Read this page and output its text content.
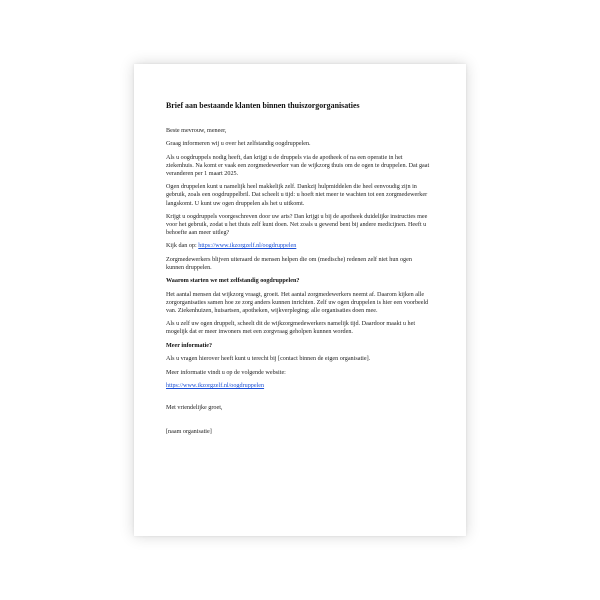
Brief aan bestaande klanten binnen thuiszorgorganisaties
Beste mevrouw, meneer,
Graag informeren wij u over het zelfstandig oogdruppelen.
Als u oogdruppels nodig heeft, dan krijgt u de druppels via de apotheek of na een operatie in het ziekenhuis. Na komt er vaak een zorgmedewerker van de wijkzorg thuis om de ogen te druppelen. Dat gaat veranderen per 1 maart 2025.
Ogen druppelen kunt u namelijk heel makkelijk zelf. Dankzij hulpmiddelen die heel eenvoudig zijn in gebruik, zoals een oogdruppelbril. Dat scheelt u tijd: u hoeft niet meer te wachten tot een zorgmedewerker langskomt. U kunt uw ogen druppelen als het u uitkomt.
Krijgt u oogdruppels voorgeschreven door uw arts? Dan krijgt u bij de apotheek duidelijke instructies mee voor het gebruik, zodat u het thuis zelf kunt doen. Net zoals u gewend bent bij andere medicijnen. Heeft u behoefte aan meer uitleg?
Kijk dan op: https://www.ikzorgzelf.nl/oogdruppelen
Zorgmedewerkers blijven uiteraard de mensen helpen die om (medische) redenen zelf niet hun ogen kunnen druppelen.
Waarom starten we met zelfstandig oogdruppelen?
Het aantal mensen dat wijkzorg vraagt, groeit. Het aantal zorgmedewerkers neemt af. Daarom kijken alle zorgorganisaties samen hoe ze zorg anders kunnen inrichten. Zelf uw ogen druppelen is hier een voorbeeld van. Ziekenhuizen, huisartsen, apotheken, wijkverpleging; alle organisaties doen mee.
Als u zelf uw ogen druppelt, scheelt dit de wijkzorgmedewerkers namelijk tijd. Daardoor maakt u het mogelijk dat er meer inwoners met een zorgvraag geholpen kunnen worden.
Meer informatie?
Als u vragen hierover heeft kunt u terecht bij [contact binnen de eigen organisatie].
Meer informatie vindt u op de volgende website:
https://www.ikzorgzelf.nl/oogdruppelen
Met vriendelijke groet,
[naam organisatie]
